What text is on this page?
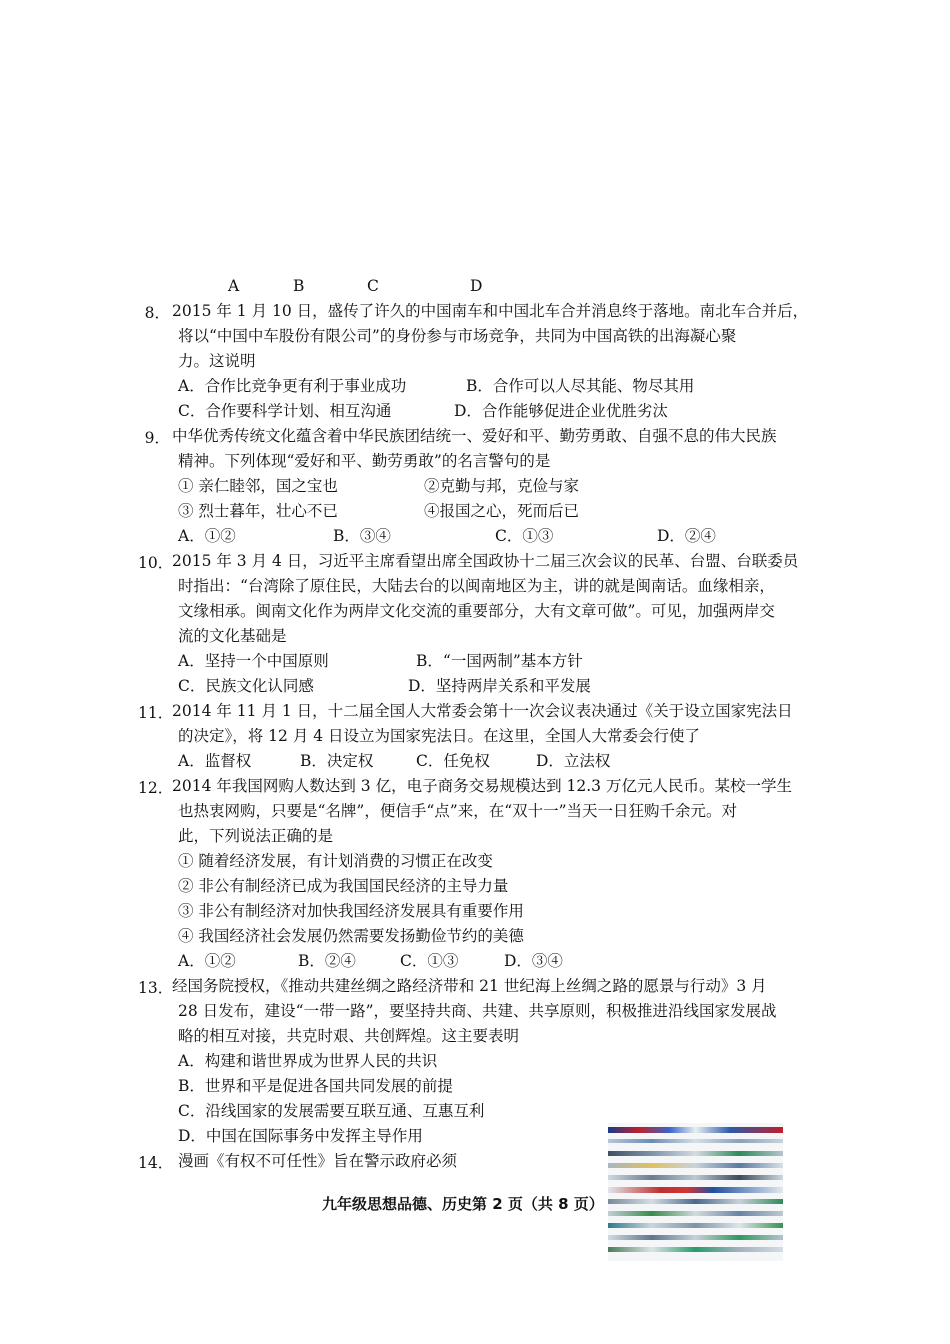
A	B	C	D
8． 2015 年 1 月 10 日，盛传了许久的中国南车和中国北车合并消息终于落地。南北车合并后，
将以“中国中车股份有限公司”的身份参与市场竞争，共同为中国高铁的出海凝心聚
力。这说明
A．合作比竞争更有利于事业成功	B．合作可以人尽其能、物尽其用
C．合作要科学计划、相互沟通	D．合作能够促进企业优胜劣汰
9． 中华优秀传统文化蕴含着中华民族团结统一、爱好和平、勤劳勇敢、自强不息的伟大民族
精神。下列体现“爱好和平、勤劳勇敢”的名言警句的是
① 亲仁睦邻，国之宝也	②克勤与邦，克俭与家
③ 烈士暮年，壮心不已	④报国之心，死而后已
A．①②	B．③④	C．①③	D．②④
10．
2015 年 3 月 4 日，习近平主席看望出席全国政协十二届三次会议的民革、台盟、台联委员
时指出：“台湾除了原住民，大陆去台的以闽南地区为主，讲的就是闽南话。血缘相亲，
文缘相承。闽南文化作为两岸文化交流的重要部分，大有文章可做”。可见，加强两岸交
流的文化基础是
A．坚持一个中国原则	B．“一国两制”基本方针
C．民族文化认同感	D．坚持两岸关系和平发展
11．
2014 年 11 月 1 日，十二届全国人大常委会第十一次会议表决通过《关于设立国家宪法日
的决定》，将 12 月 4 日设立为国家宪法日。在这里，全国人大常委会行使了
A．监督权	B．决定权	C．任免权	D．立法权
12．
2014 年我国网购人数达到 3 亿，电子商务交易规模达到 12.3 万亿元人民币。某校一学生
也热衷网购，只要是“名牌”，便信手“点”来，在“双十一”当天一日狂购千余元。对
此，下列说法正确的是
① 随着经济发展，有计划消费的习惯正在改变
② 非公有制经济已成为我国国民经济的主导力量
③ 非公有制经济对加快我国经济发展具有重要作用
④ 我国经济社会发展仍然需要发扬勤俭节约的美德
A．①②	B．②④	C．①③	D．③④
13．
经国务院授权，《推动共建丝绸之路经济带和 21 世纪海上丝绸之路的愿景与行动》3 月
28 日发布，建设“一带一路”，要坚持共商、共建、共享原则，积极推进沿线国家发展战
略的相互对接，共克时艰、共创辉煌。这主要表明
A．构建和谐世界成为世界人民的共识
B．世界和平是促进各国共同发展的前提
C．沿线国家的发展需要互联互通、互惠互利
D．中国在国际事务中发挥主导作用
14． 漫画《有权不可任性》旨在警示政府必须
九年级思想品德、历史第 2 页（共 8 页）
